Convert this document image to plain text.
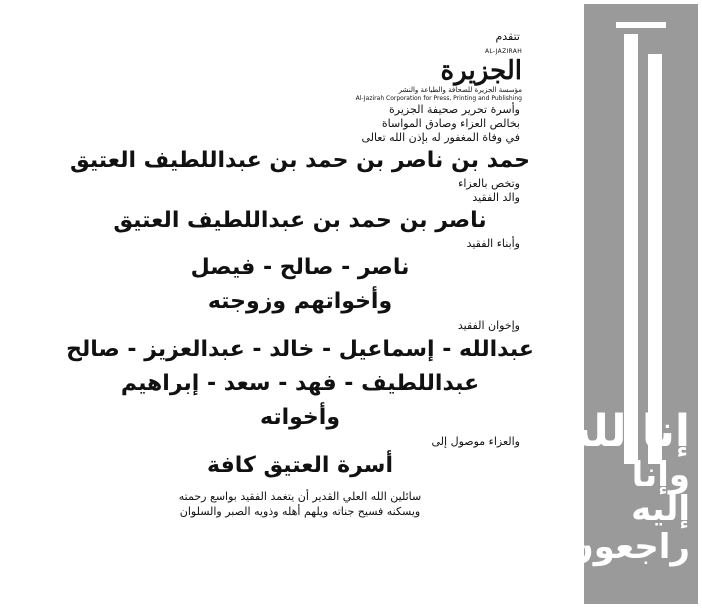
إنا لله
وإنا إليه
راجعون
تتقدم
AL-JAZIRAH
الجزيرة
مؤسسة الجزيرة للصحافة والطباعة والنشر
Al-Jazirah Corporation for Press, Printing and Publishing
وأسرة تحرير صحيفة الجزيرة
بخالص العزاء وصادق المواساة
في وفاة المغفور له بإذن الله تعالى
حمد بن ناصر بن حمد بن عبداللطيف العتيق
وتخص بالعزاء
والد الفقيد
ناصر بن حمد بن عبداللطيف العتيق
وأبناء الفقيد
ناصر - صالح - فيصل
وأخواتهم وزوجته
وإخوان الفقيد
عبدالله - إسماعيل - خالد - عبدالعزيز - صالح
عبداللطيف - فهد - سعد - إبراهيم
وأخواته
والعزاء موصول إلى
أسرة العتيق كافة
سائلين الله العلي القدير أن يتغمد الفقيد بواسع رحمته
ويسكنه فسيح جناته ويلهم أهله وذويه الصبر والسلوان
